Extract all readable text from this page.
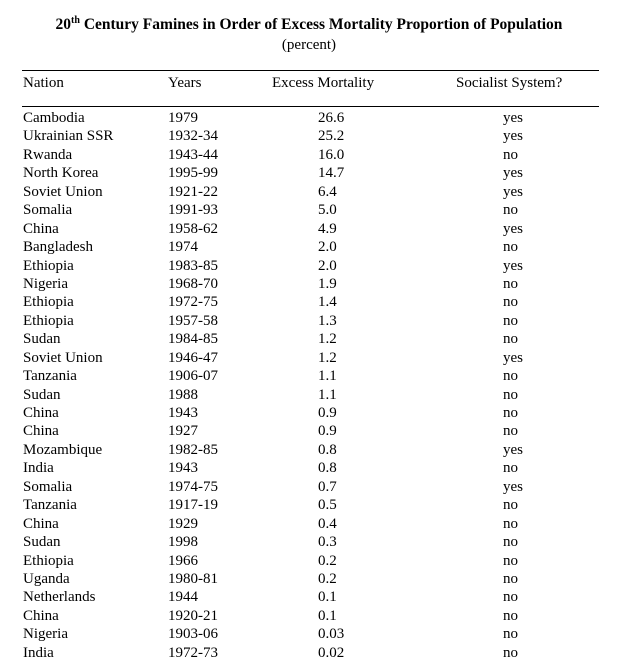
20th Century Famines in Order of Excess Mortality Proportion of Population
(percent)
Nation	Years	Excess Mortality	Socialist System?
Cambodia	1979	26.6	yes
Ukrainian SSR	1932-34	25.2	yes
Rwanda	1943-44	16.0	no
North Korea	1995-99	14.7	yes
Soviet Union	1921-22	6.4	yes
Somalia	1991-93	5.0	no
China	1958-62	4.9	yes
Bangladesh	1974	2.0	no
Ethiopia	1983-85	2.0	yes
Nigeria	1968-70	1.9	no
Ethiopia	1972-75	1.4	no
Ethiopia	1957-58	1.3	no
Sudan	1984-85	1.2	no
Soviet Union	1946-47	1.2	yes
Tanzania	1906-07	1.1	no
Sudan	1988	1.1	no
China	1943	0.9	no
China	1927	0.9	no
Mozambique	1982-85	0.8	yes
India	1943	0.8	no
Somalia	1974-75	0.7	yes
Tanzania	1917-19	0.5	no
China	1929	0.4	no
Sudan	1998	0.3	no
Ethiopia	1966	0.2	no
Uganda	1980-81	0.2	no
Netherlands	1944	0.1	no
China	1920-21	0.1	no
Nigeria	1903-06	0.03	no
India	1972-73	0.02	no
